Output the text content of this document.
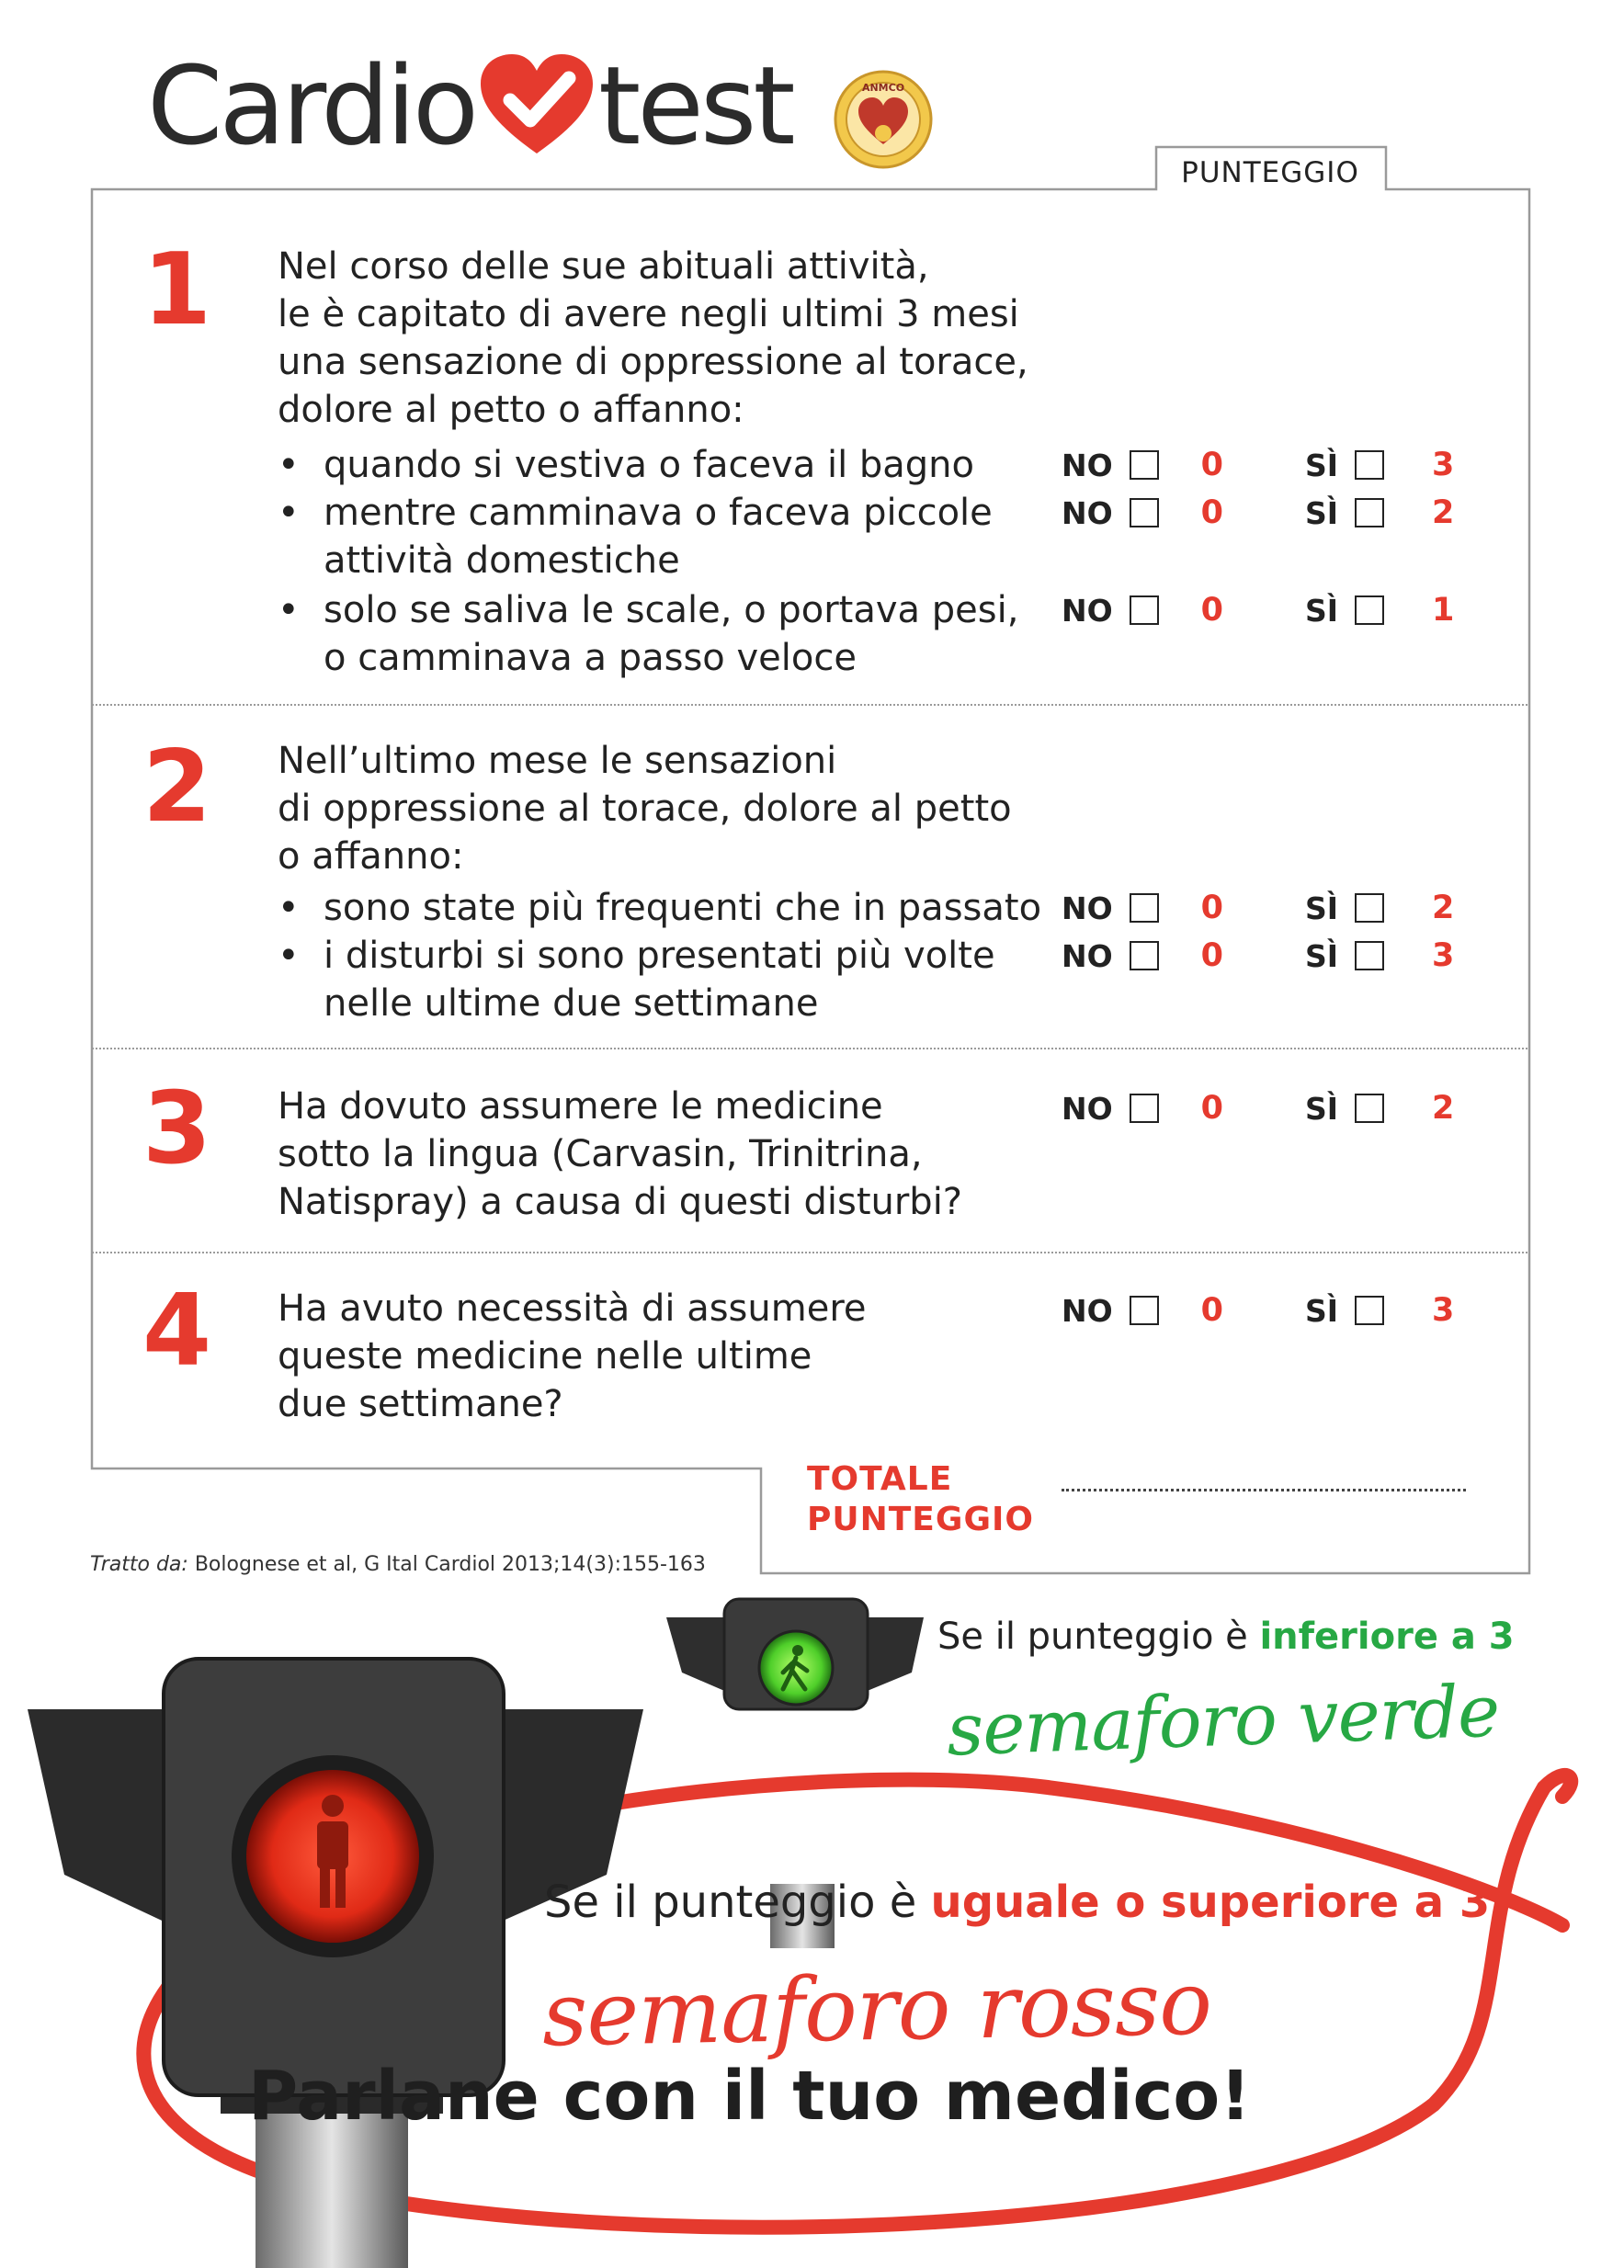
Cardio test	ANMCO
PUNTEGGIO
1 Nel corso delle sue abituali attività,
le è capitato di avere negli ultimi 3 mesi
una sensazione di oppressione al torace,
dolore al petto o affanno:
• quando si vestiva o faceva il bagno	NO	0	SÌ	3
• mentre camminava o faceva piccole
attività domestiche
NO	0	SÌ	2
• solo se saliva le scale, o portava pesi,
o camminava a passo veloce
NO	0	SÌ	1
2 Nell’ultimo mese le sensazioni
di oppressione al torace, dolore al petto
o affanno:
• sono state più frequenti che in passato NO	0	SÌ	2
• i disturbi si sono presentati più volte
nelle ultime due settimane
NO	0	SÌ	3
3 Ha dovuto assumere le medicine
sotto la lingua (Carvasin, Trinitrina,
Natispray) a causa di questi disturbi?
NO	0	SÌ	2
4 Ha avuto necessità di assumere
queste medicine nelle ultime
due settimane?
NO	0	SÌ	3
TOTALE
PUNTEGGIO
Tratto da: Bolognese et al, G Ital Cardiol 2013;14(3):155-163
Se il punteggio è inferiore a 3
semaforo verde
Se il punteggio è uguale o superiore a 3
semaforo rosso
Parlane con il tuo medico!
